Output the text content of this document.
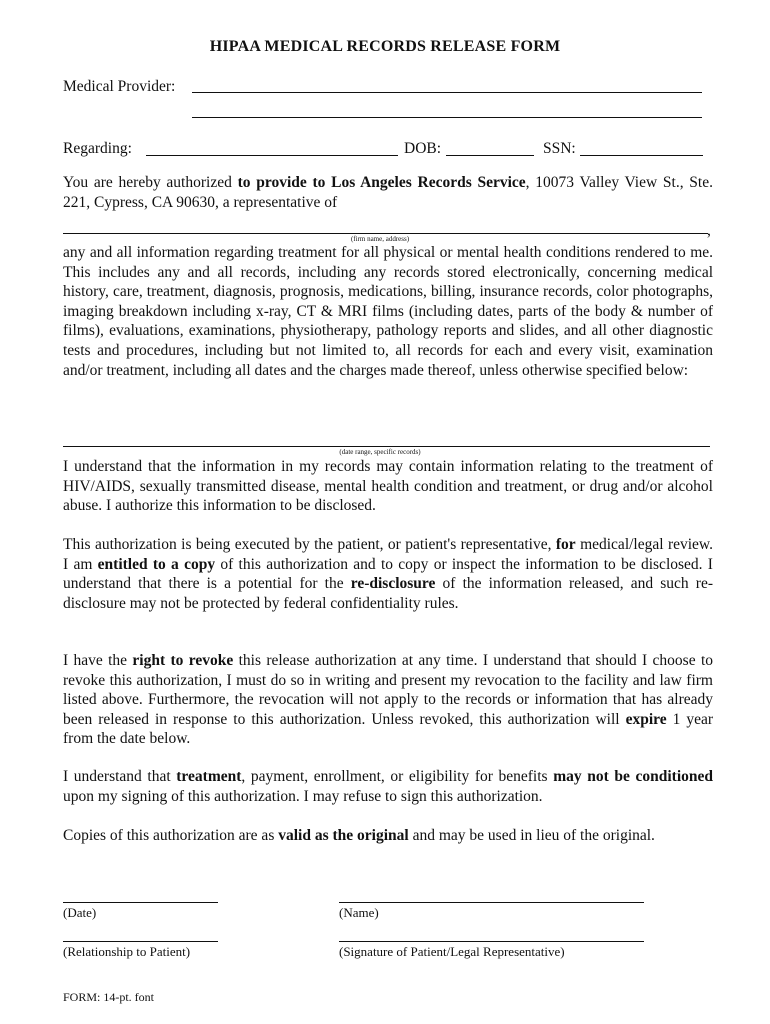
HIPAA MEDICAL RECORDS RELEASE FORM
Medical Provider:
Regarding:	DOB:	SSN:
You are hereby authorized to provide to Los Angeles Records Service, 10073 Valley View St., Ste. 221, Cypress, CA 90630, a representative of
(firm name, address)	,
any and all information regarding treatment for all physical or mental health conditions rendered to me. This includes any and all records, including any records stored electronically, concerning medical history, care, treatment, diagnosis, prognosis, medications, billing, insurance records, color photographs, imaging breakdown including x-ray, CT & MRI films (including dates, parts of the body & number of films), evaluations, examinations, physiotherapy, pathology reports and slides, and all other diagnostic tests and procedures, including but not limited to, all records for each and every visit, examination and/or treatment, including all dates and the charges made thereof, unless otherwise specified below:
(date range, specific records)
I understand that the information in my records may contain information relating to the treatment of HIV/AIDS, sexually transmitted disease, mental health condition and treatment, or drug and/or alcohol abuse. I authorize this information to be disclosed.
This authorization is being executed by the patient, or patient's representative, for medical/legal review. I am entitled to a copy of this authorization and to copy or inspect the information to be disclosed. I understand that there is a potential for the re-disclosure of the information released, and such re-disclosure may not be protected by federal confidentiality rules.
I have the right to revoke this release authorization at any time. I understand that should I choose to revoke this authorization, I must do so in writing and present my revocation to the facility and law firm listed above. Furthermore, the revocation will not apply to the records or information that has already been released in response to this authorization. Unless revoked, this authorization will expire 1 year from the date below.
I understand that treatment, payment, enrollment, or eligibility for benefits may not be conditioned upon my signing of this authorization. I may refuse to sign this authorization.
Copies of this authorization are as valid as the original and may be used in lieu of the original.
(Date)	(Name)
(Relationship to Patient)	(Signature of Patient/Legal Representative)
FORM: 14-pt. font
